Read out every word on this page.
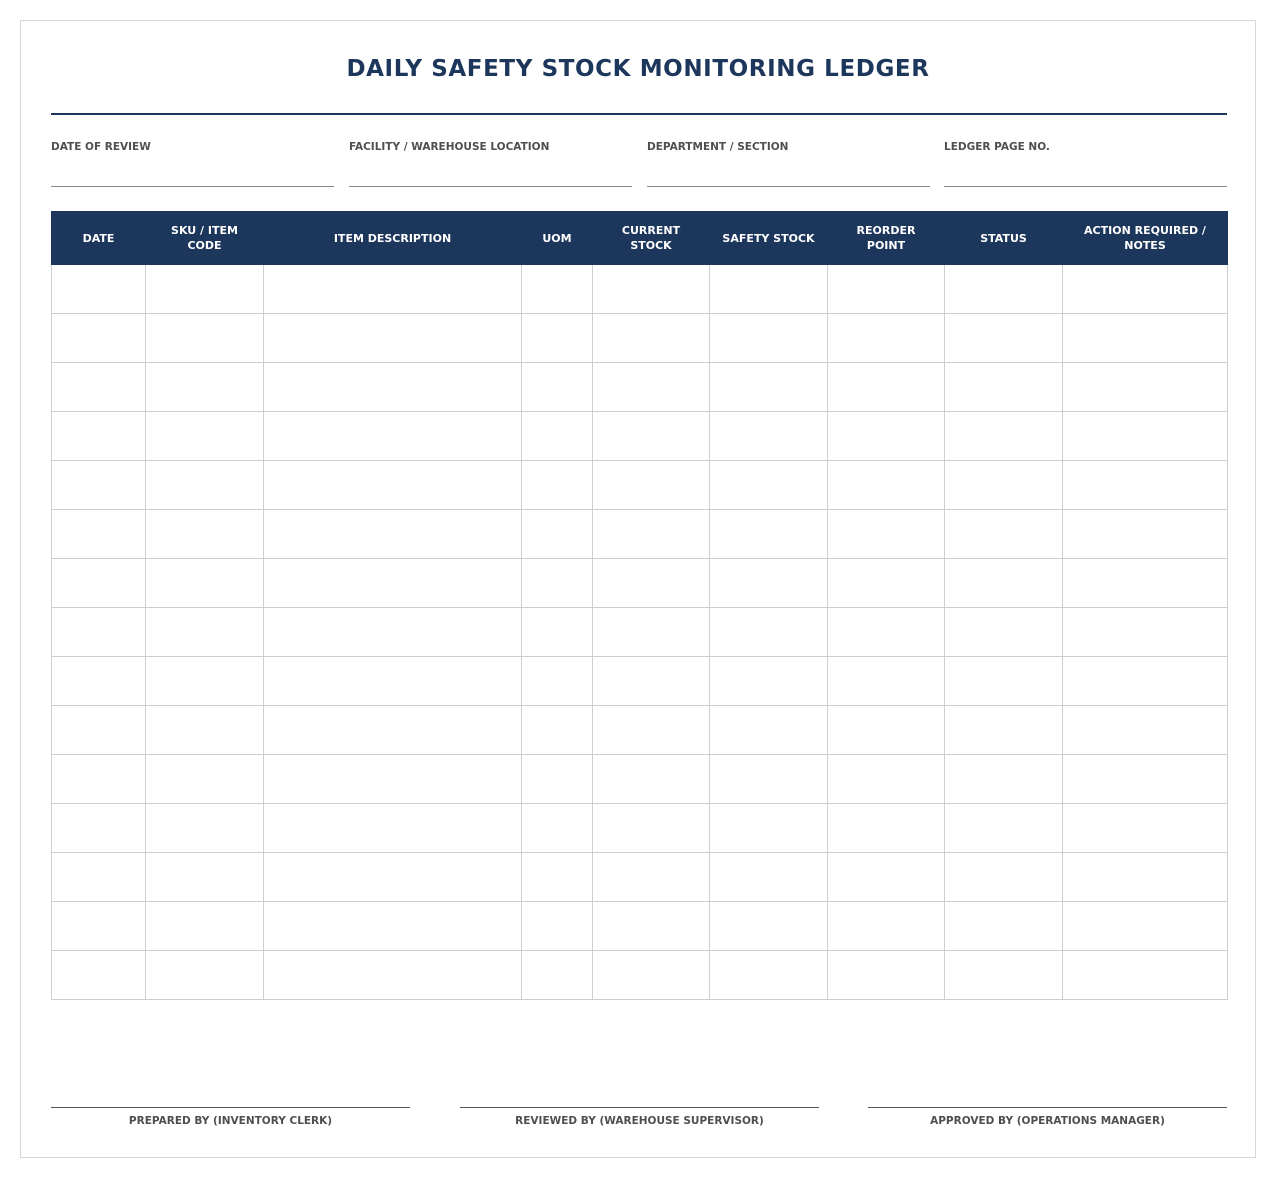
DAILY SAFETY STOCK MONITORING LEDGER
DATE OF REVIEW	FACILITY / WAREHOUSE LOCATION	DEPARTMENT / SECTION	LEDGER PAGE NO.
DATE	SKU / ITEM CODE	ITEM DESCRIPTION	UOM	CURRENT STOCK	SAFETY STOCK	REORDER POINT	STATUS	ACTION REQUIRED / NOTES

PREPARED BY (INVENTORY CLERK)	REVIEWED BY (WAREHOUSE SUPERVISOR)	APPROVED BY (OPERATIONS MANAGER)
